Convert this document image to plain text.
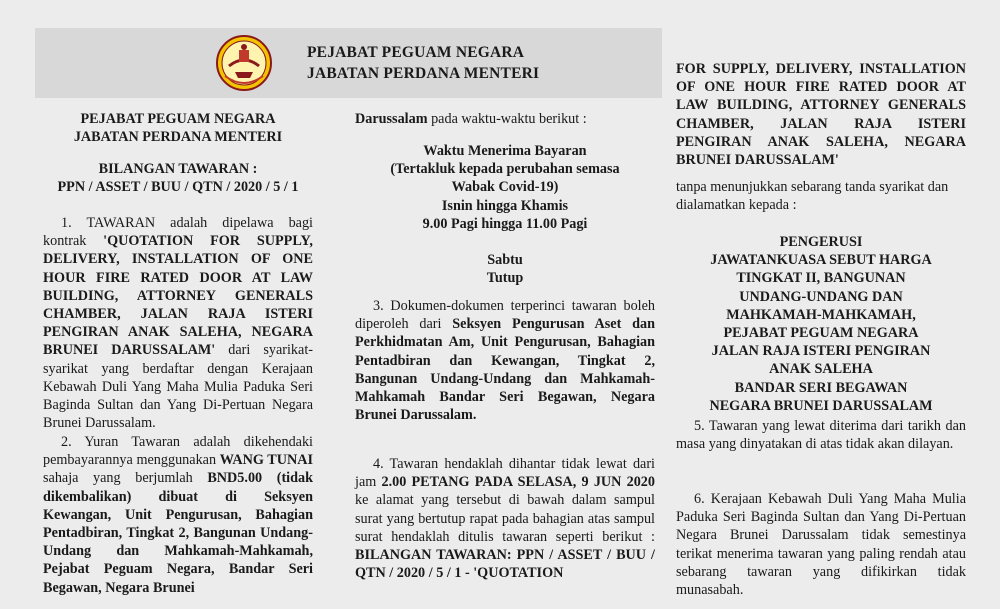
PEJABAT PEGUAM NEGARA
JABATAN PERDANA MENTERI
PEJABAT PEGUAM NEGARA
JABATAN PERDANA MENTERI
BILANGAN TAWARAN :
PPN / ASSET / BUU / QTN / 2020 / 5 / 1

1. TAWARAN adalah dipelawa bagi kontrak 'QUOTATION FOR SUPPLY, DELIVERY, INSTALLATION OF ONE HOUR FIRE RATED DOOR AT LAW BUILDING, ATTORNEY GENERALS CHAMBER, JALAN RAJA ISTERI PENGIRAN ANAK SALEHA, NEGARA BRUNEI DARUSSALAM' dari syarikat-syarikat yang berdaftar dengan Kerajaan Kebawah Duli Yang Maha Mulia Paduka Seri Baginda Sultan dan Yang Di-Pertuan Negara Brunei Darussalam.

2. Yuran Tawaran adalah dikehendaki pembayarannya menggunakan WANG TUNAI sahaja yang berjumlah BND5.00 (tidak dikembalikan) dibuat di Seksyen Kewangan, Unit Pengurusan, Bahagian Pentadbiran, Tingkat 2, Bangunan Undang-Undang dan Mahkamah-Mahkamah, Pejabat Peguam Negara, Bandar Seri Begawan, Negara Brunei

Darussalam pada waktu-waktu berikut :

Waktu Menerima Bayaran
(Tertakluk kepada perubahan semasa
Wabak Covid-19)
Isnin hingga Khamis
9.00 Pagi hingga 11.00 Pagi
Sabtu
Tutup

3. Dokumen-dokumen terperinci tawaran boleh diperoleh dari Seksyen Pengurusan Aset dan Perkhidmatan Am, Unit Pengurusan, Bahagian Pentadbiran dan Kewangan, Tingkat 2, Bangunan Undang-Undang dan Mahkamah-Mahkamah Bandar Seri Begawan, Negara Brunei Darussalam.

4. Tawaran hendaklah dihantar tidak lewat dari jam 2.00 PETANG PADA SELASA, 9 JUN 2020 ke alamat yang tersebut di bawah dalam sampul surat yang bertutup rapat pada bahagian atas sampul surat hendaklah ditulis tawaran seperti berikut : BILANGAN TAWARAN: PPN / ASSET / BUU / QTN / 2020 / 5 / 1 - 'QUOTATION

FOR SUPPLY, DELIVERY, INSTALLATION OF ONE HOUR FIRE RATED DOOR AT LAW BUILDING, ATTORNEY GENERALS CHAMBER, JALAN RAJA ISTERI PENGIRAN ANAK SALEHA, NEGARA BRUNEI DARUSSALAM'

tanpa menunjukkan sebarang tanda syarikat dan dialamatkan kepada :

PENGERUSI
JAWATANKUASA SEBUT HARGA
TINGKAT II, BANGUNAN
UNDANG-UNDANG DAN
MAHKAMAH-MAHKAMAH,
PEJABAT PEGUAM NEGARA
JALAN RAJA ISTERI PENGIRAN
ANAK SALEHA
BANDAR SERI BEGAWAN
NEGARA BRUNEI DARUSSALAM

5. Tawaran yang lewat diterima dari tarikh dan masa yang dinyatakan di atas tidak akan dilayan.

6. Kerajaan Kebawah Duli Yang Maha Mulia Paduka Seri Baginda Sultan dan Yang Di-Pertuan Negara Brunei Darussalam tidak semestinya terikat menerima tawaran yang paling rendah atau sebarang tawaran yang difikirkan tidak munasabah.
